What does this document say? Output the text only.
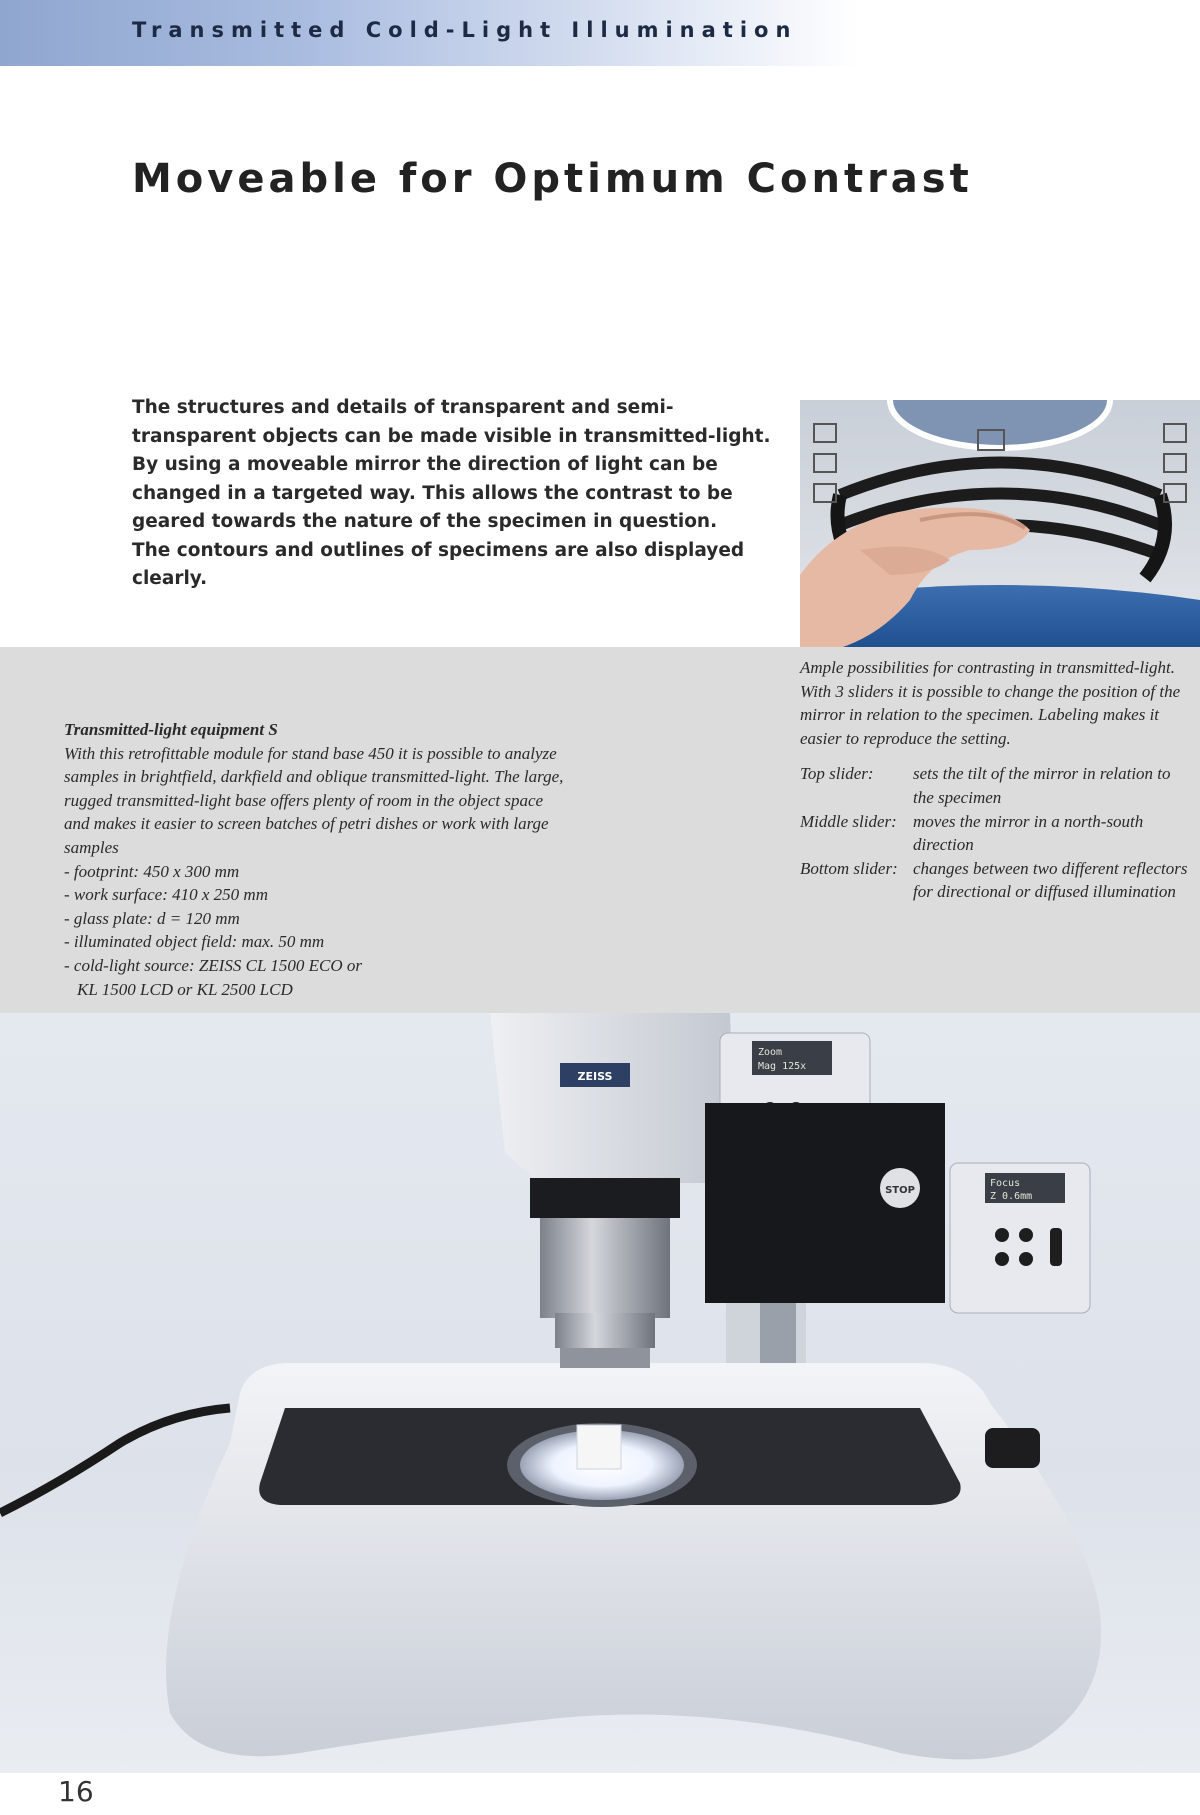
Transmitted Cold-Light Illumination
Moveable for Optimum Contrast

The structures and details of transparent and semi-transparent objects can be made visible in transmitted-light.

By using a moveable mirror the direction of light can be changed in a targeted way. This allows the contrast to be geared towards the nature of the specimen in question.

The contours and outlines of specimens are also displayed clearly.

Transmitted-light equipment S
With this retrofittable module for stand base 450 it is possible to analyze samples in brightfield, darkfield and oblique transmitted-light. The large, rugged transmitted-light base offers plenty of room in the object space and makes it easier to screen batches of petri dishes or work with large samples
- footprint: 450 x 300 mm
- work surface: 410 x 250 mm
- glass plate: d = 120 mm
- illuminated object field: max. 50 mm
- cold-light source: ZEISS CL 1500 ECO or
KL 1500 LCD or KL 2500 LCD

Ample possibilities for contrasting in transmitted-light. With 3 sliders it is possible to change the position of the mirror in relation to the specimen. Labeling makes it easier to reproduce the setting.

Top slider:	sets the tilt of the mirror in relation to the specimen
Middle slider: moves the mirror in a north-south direction
Bottom slider: changes between two different reflectors for directional or diffused illumination
ZEISS
Zoom
Mag 125x
STOP
Focus
Z 0.6mm
16
